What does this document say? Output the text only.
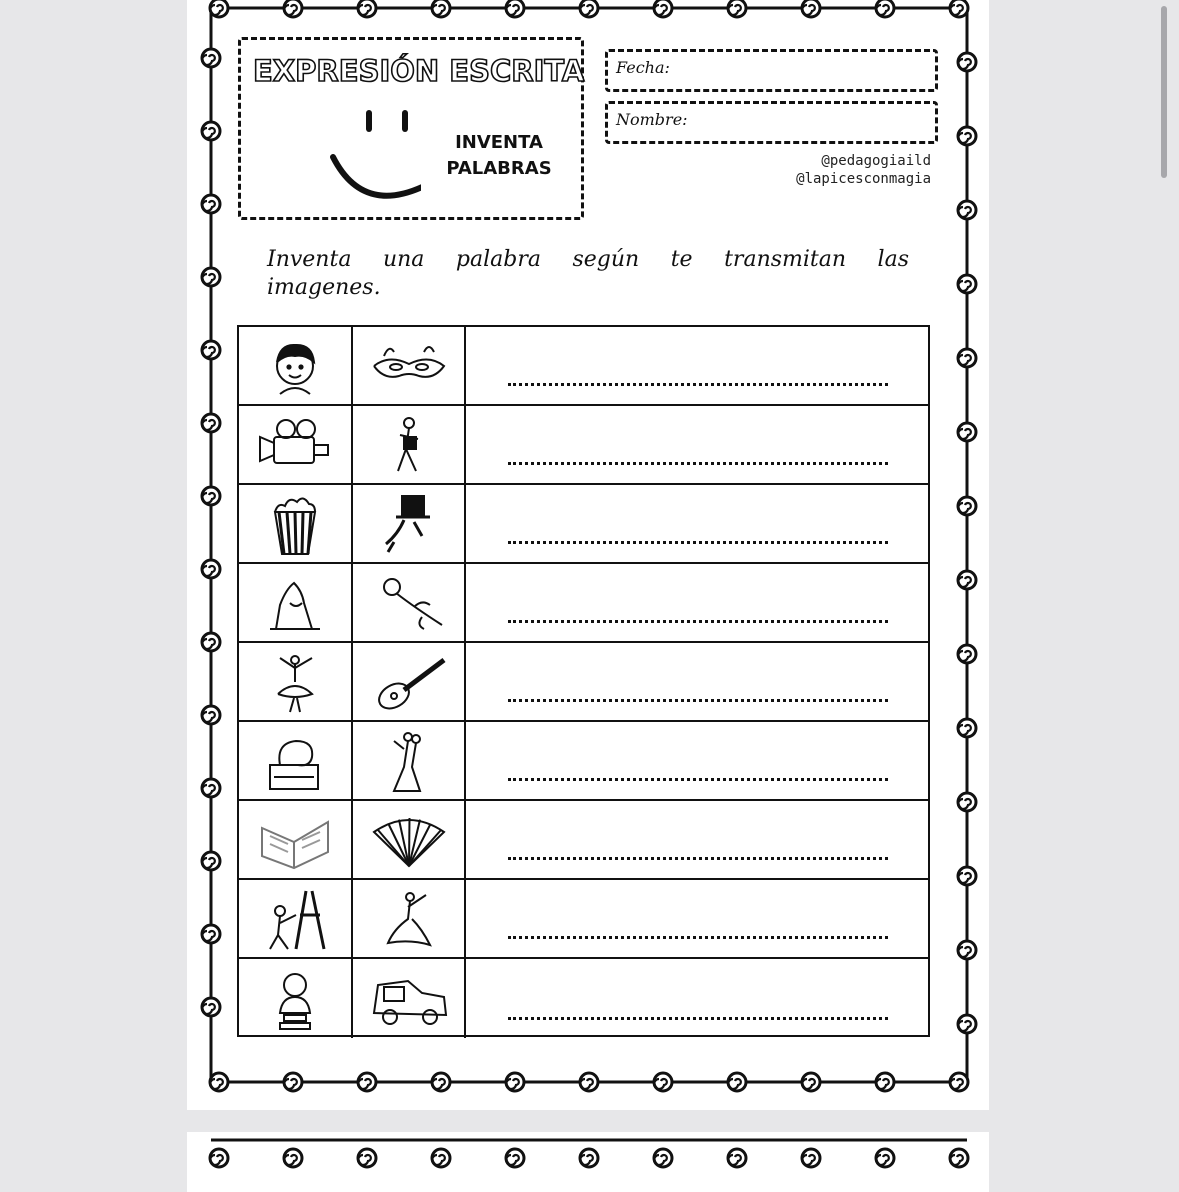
EXPRESIÓN ESCRITA
INVENTA
PALABRAS
Fecha:
Nombre:
@pedagogiaild
@lapicesconmagia
Inventa una palabra según te transmitan las imagenes.
